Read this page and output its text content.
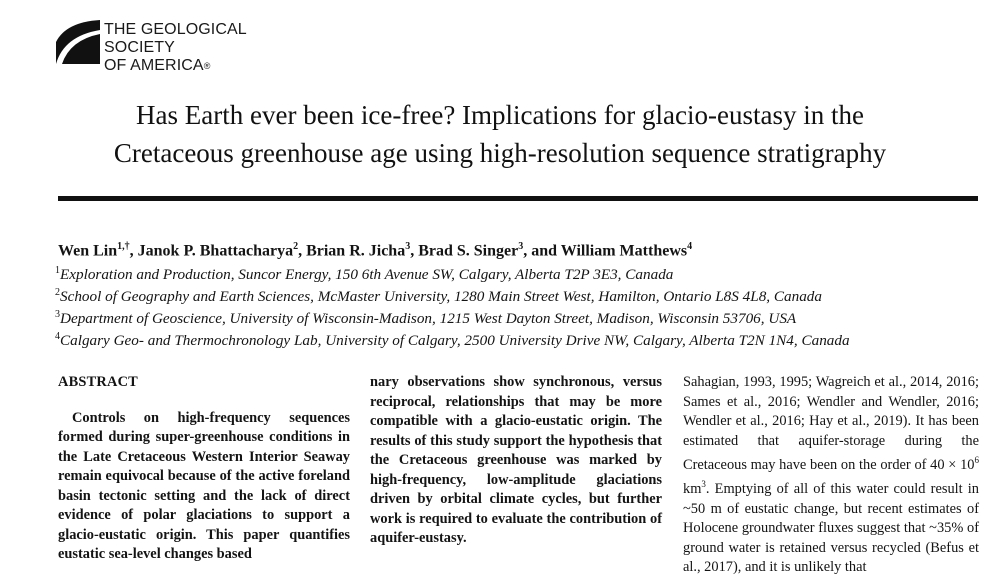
THE GEOLOGICAL SOCIETY
OF AMERICA®
Has Earth ever been ice-free? Implications for glacio-eustasy in the
Cretaceous greenhouse age using high-resolution sequence stratigraphy
Wen Lin$^{1,\dagger}$, Janok P. Bhattacharya$^2$, Brian R. Jicha$^3$, Brad S. Singer$^3$, and William Matthews$^4$
$^1$Exploration and Production, Suncor Energy, 150 6th Avenue SW, Calgary, Alberta T2P 3E3, Canada
$^2$School of Geography and Earth Sciences, McMaster University, 1280 Main Street West, Hamilton, Ontario L8S 4L8, Canada
$^3$Department of Geoscience, University of Wisconsin-Madison, 1215 West Dayton Street, Madison, Wisconsin 53706, USA
$^4$Calgary Geo- and Thermochronology Lab, University of Calgary, 2500 University Drive NW, Calgary, Alberta T2N 1N4, Canada

ABSTRACT

Controls on high-frequency sequences formed during super-greenhouse conditions in the Late Cretaceous Western Interior Seaway remain equivocal because of the active foreland basin tectonic setting and the lack of direct evidence of polar glaciations to support a glacio-eustatic origin. This paper quantifies eustatic sea-level changes based

nary observations show synchronous, versus reciprocal, relationships that may be more compatible with a glacio-eustatic origin. The results of this study support the hypothesis that the Cretaceous greenhouse was marked by high-frequency, low-amplitude glaciations driven by orbital climate cycles, but further work is required to evaluate the contribution of aquifer-eustasy.

Sahagian, 1993, 1995; Wagreich et al., 2014, 2016; Sames et al., 2016; Wendler and Wendler, 2016; Wendler et al., 2016; Hay et al., 2019). It has been estimated that aquifer-storage during the Cretaceous may have been on the order of $40 \times 10^6$ $km^3$. Emptying of all of this water could result in ~50 m of eustatic change, but recent estimates of Holocene groundwater fluxes suggest that ~35% of ground water is retained versus recycled (Befus et al., 2017), and it is unlikely that
